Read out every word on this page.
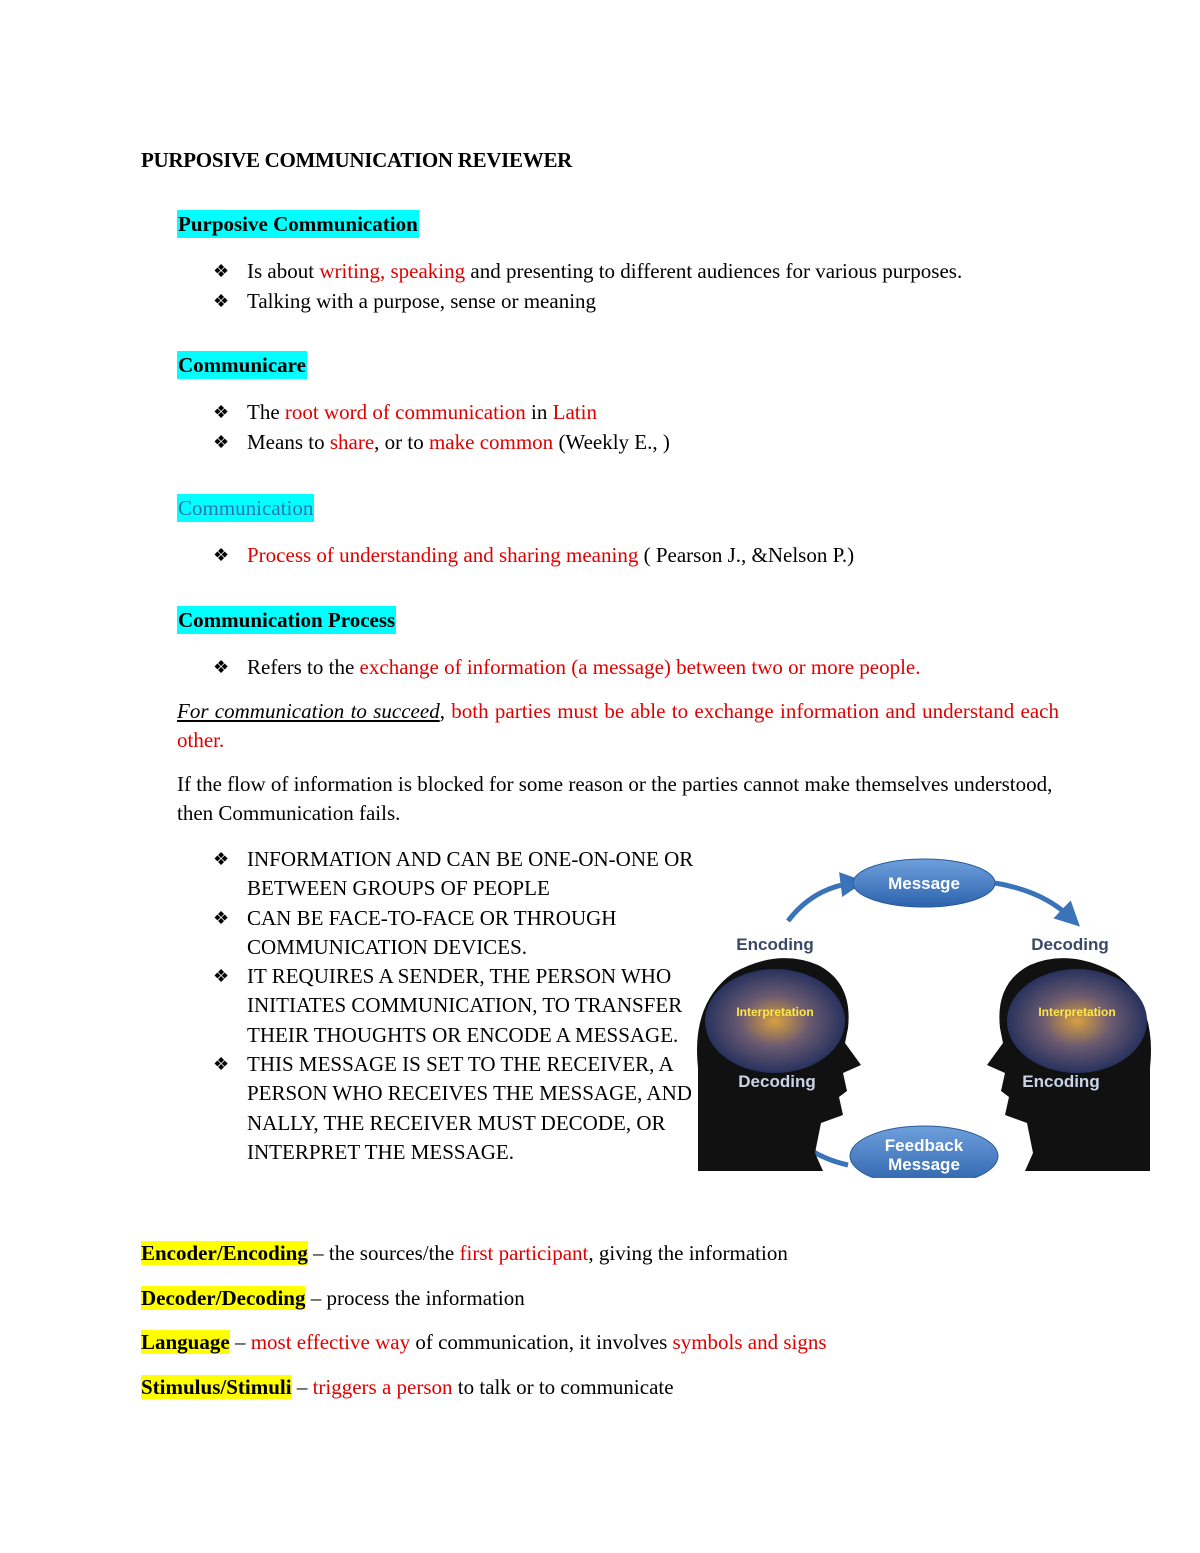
PURPOSIVE COMMUNICATION REVIEWER
Purposive Communication
❖ Is about writing, speaking and presenting to different audiences for various purposes.
❖ Talking with a purpose, sense or meaning
Communicare
❖ The root word of communication in Latin
❖ Means to share, or to make common (Weekly E., )
Communication
❖ Process of understanding and sharing meaning ( Pearson J., &Nelson P.)
Communication Process
❖ Refers to the exchange of information (a message) between two or more people.
For communication to succeed, both parties must be able to exchange information and understand each other.
If the flow of information is blocked for some reason or the parties cannot make themselves understood, then Communication fails.
❖ INFORMATION AND CAN BE ONE-ON-ONE OR BETWEEN GROUPS OF PEOPLE
❖ CAN BE FACE-TO-FACE OR THROUGH COMMUNICATION DEVICES.
❖ IT REQUIRES A SENDER, THE PERSON WHO INITIATES COMMUNICATION, TO TRANSFER THEIR THOUGHTS OR ENCODE A MESSAGE.
❖ THIS MESSAGE IS SET TO THE RECEIVER, A PERSON WHO RECEIVES THE MESSAGE, AND NALLY, THE RECEIVER MUST DECODE, OR INTERPRET THE MESSAGE.
Message
Encoding	Decoding
Interpretation
Decoding
Interpretation
Encoding
Feedback
Message
Encoder/Encoding – the sources/the first participant, giving the information
Decoder/Decoding – process the information
Language – most effective way of communication, it involves symbols and signs
Stimulus/Stimuli – triggers a person to talk or to communicate
